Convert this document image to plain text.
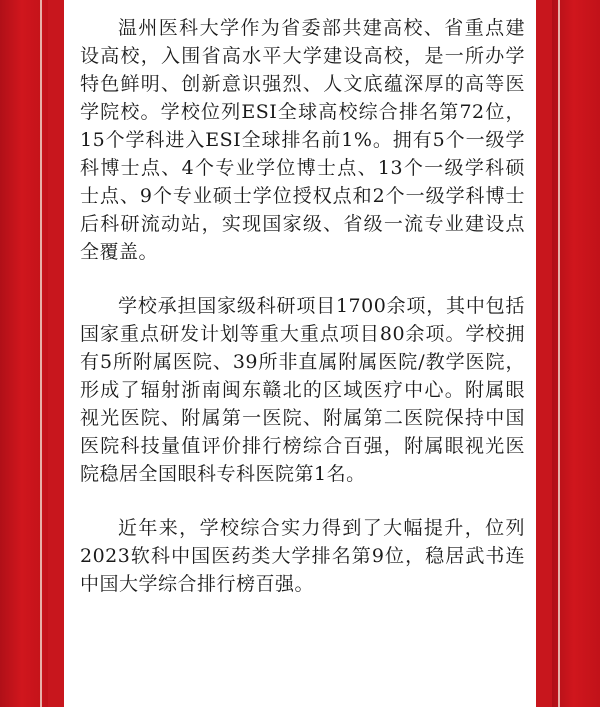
温州医科大学作为省委部共建高校、省重点建设高校，入围省高水平大学建设高校，是一所办学特色鲜明、创新意识强烈、人文底蕴深厚的高等医学院校。学校位列ESI全球高校综合排名第72位，15个学科进入ESI全球排名前1%。拥有5个一级学科博士点、4个专业学位博士点、13个一级学科硕士点、9个专业硕士学位授权点和2个一级学科博士后科研流动站，实现国家级、省级一流专业建设点全覆盖。

学校承担国家级科研项目1700余项，其中包括国家重点研发计划等重大重点项目80余项。学校拥有5所附属医院、39所非直属附属医院/教学医院，形成了辐射浙南闽东赣北的区域医疗中心。附属眼视光医院、附属第一医院、附属第二医院保持中国医院科技量值评价排行榜综合百强，附属眼视光医院稳居全国眼科专科医院第1名。

近年来，学校综合实力得到了大幅提升，位列2023软科中国医药类大学排名第9位，稳居武书连中国大学综合排行榜百强。
